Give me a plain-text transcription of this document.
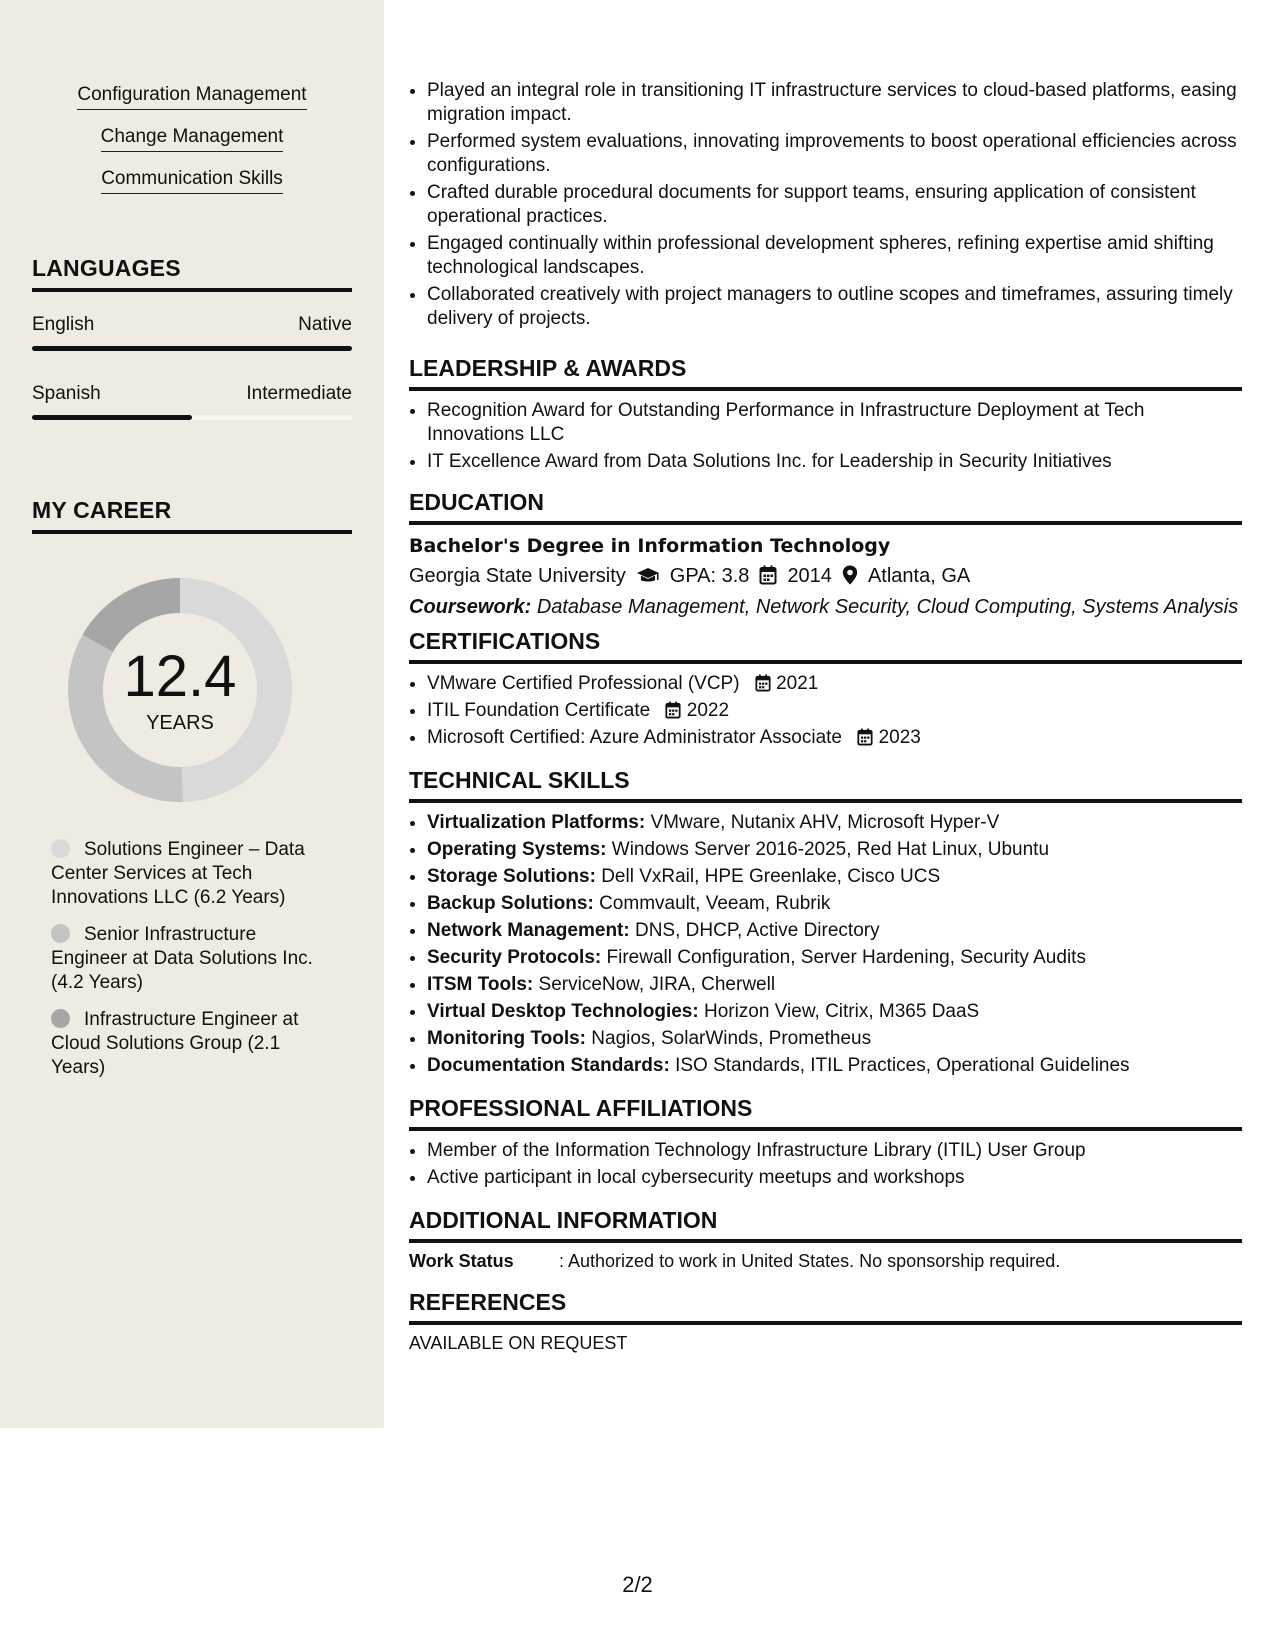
Configuration Management
Change Management
Communication Skills
LANGUAGES
English	Native
Spanish	Intermediate
MY CAREER
12.4
YEARS
Solutions Engineer – Data Center Services at Tech Innovations LLC (6.2 Years)
Senior Infrastructure Engineer at Data Solutions Inc. (4.2 Years)
Infrastructure Engineer at Cloud Solutions Group (2.1 Years)
• Played an integral role in transitioning IT infrastructure services to cloud-based platforms, easing migration impact.
• Performed system evaluations, innovating improvements to boost operational efficiencies across configurations.
• Crafted durable procedural documents for support teams, ensuring application of consistent operational practices.
• Engaged continually within professional development spheres, refining expertise amid shifting technological landscapes.
• Collaborated creatively with project managers to outline scopes and timeframes, assuring timely delivery of projects.
LEADERSHIP & AWARDS
• Recognition Award for Outstanding Performance in Infrastructure Deployment at Tech Innovations LLC
• IT Excellence Award from Data Solutions Inc. for Leadership in Security Initiatives
EDUCATION
Bachelor's Degree in Information Technology
Georgia State University GPA: 3.8 2014 Atlanta, GA
Coursework: Database Management, Network Security, Cloud Computing, Systems Analysis
CERTIFICATIONS
• VMware Certified Professional (VCP) 2021
• ITIL Foundation Certificate 2022
• Microsoft Certified: Azure Administrator Associate 2023
TECHNICAL SKILLS
• Virtualization Platforms: VMware, Nutanix AHV, Microsoft Hyper-V
• Operating Systems: Windows Server 2016-2025, Red Hat Linux, Ubuntu
• Storage Solutions: Dell VxRail, HPE Greenlake, Cisco UCS
• Backup Solutions: Commvault, Veeam, Rubrik
• Network Management: DNS, DHCP, Active Directory
• Security Protocols: Firewall Configuration, Server Hardening, Security Audits
• ITSM Tools: ServiceNow, JIRA, Cherwell
• Virtual Desktop Technologies: Horizon View, Citrix, M365 DaaS
• Monitoring Tools: Nagios, SolarWinds, Prometheus
• Documentation Standards: ISO Standards, ITIL Practices, Operational Guidelines
PROFESSIONAL AFFILIATIONS
• Member of the Information Technology Infrastructure Library (ITIL) User Group
• Active participant in local cybersecurity meetups and workshops
ADDITIONAL INFORMATION
Work Status	: Authorized to work in United States. No sponsorship required.
REFERENCES
AVAILABLE ON REQUEST
2/2
